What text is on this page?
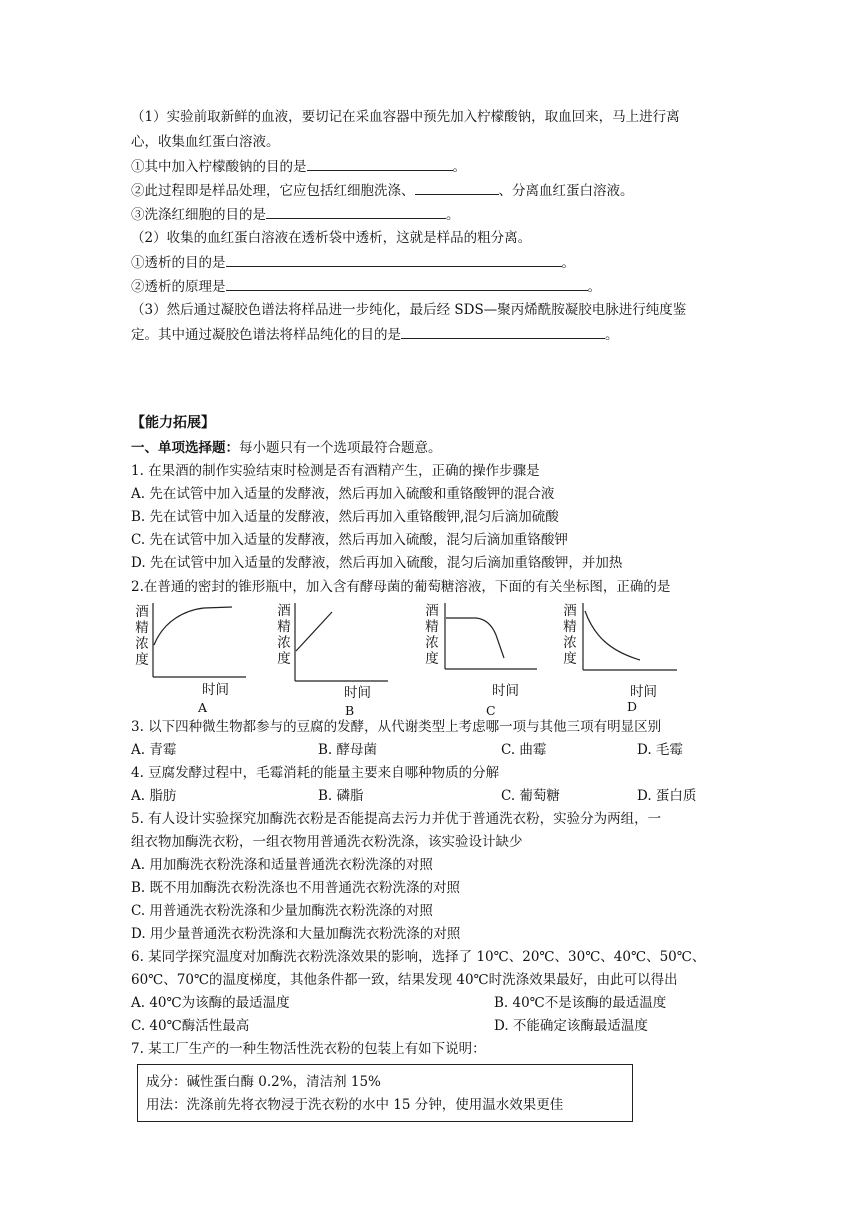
（1）实验前取新鲜的血液，要切记在采血容器中预先加入柠檬酸钠，取血回来，马上进行离
心，收集血红蛋白溶液。
①其中加入柠檬酸钠的目的是	。
②此过程即是样品处理，它应包括红细胞洗涤、	、分离血红蛋白溶液。
③洗涤红细胞的目的是	。
（2）收集的血红蛋白溶液在透析袋中透析，这就是样品的粗分离。
①透析的目的是	。
②透析的原理是	。
（3）然后通过凝胶色谱法将样品进一步纯化，最后经 SDS—聚丙烯酰胺凝胶电脉进行纯度鉴
定。其中通过凝胶色谱法将样品纯化的目的是	。
【能力拓展】
一、单项选择题：每小题只有一个选项最符合题意。
1. 在果酒的制作实验结束时检测是否有酒精产生，正确的操作步骤是
A. 先在试管中加入适量的发酵液，然后再加入硫酸和重铬酸钾的混合液
B. 先在试管中加入适量的发酵液，然后再加入重铬酸钾,混匀后滴加硫酸
C. 先在试管中加入适量的发酵液，然后再加入硫酸，混匀后滴加重铬酸钾
D. 先在试管中加入适量的发酵液，然后再加入硫酸，混匀后滴加重铬酸钾，并加热
2.在普通的密封的锥形瓶中，加入含有酵母菌的葡萄糖溶液，下面的有关坐标图，正确的是
酒
精
浓
度
时间
A
酒
精
浓
度
时间
B
酒
精
浓
度
时间
C
酒
精
浓
度
时间
D
3. 以下四种微生物都参与的豆腐的发酵，从代谢类型上考虑哪一项与其他三项有明显区别
A. 青霉	B. 酵母菌	C. 曲霉	D. 毛霉
4. 豆腐发酵过程中，毛霉消耗的能量主要来自哪种物质的分解
A. 脂肪	B. 磷脂	C. 葡萄糖	D. 蛋白质
5. 有人设计实验探究加酶洗衣粉是否能提高去污力并优于普通洗衣粉，实验分为两组，一
组衣物加酶洗衣粉，一组衣物用普通洗衣粉洗涤，该实验设计缺少
A. 用加酶洗衣粉洗涤和适量普通洗衣粉洗涤的对照
B. 既不用加酶洗衣粉洗涤也不用普通洗衣粉洗涤的对照
C. 用普通洗衣粉洗涤和少量加酶洗衣粉洗涤的对照
D. 用少量普通洗衣粉洗涤和大量加酶洗衣粉洗涤的对照
6. 某同学探究温度对加酶洗衣粉洗涤效果的影响，选择了 10℃、20℃、30℃、40℃、50℃、
60℃、70℃的温度梯度，其他条件都一致，结果发现 40℃时洗涤效果最好，由此可以得出
A. 40℃为该酶的最适温度	B. 40℃不是该酶的最适温度
C. 40℃酶活性最高	D. 不能确定该酶最适温度
7. 某工厂生产的一种生物活性洗衣粉的包装上有如下说明：
成分：碱性蛋白酶 0.2%，清洁剂 15%
用法：洗涤前先将衣物浸于洗衣粉的水中 15 分钟，使用温水效果更佳
